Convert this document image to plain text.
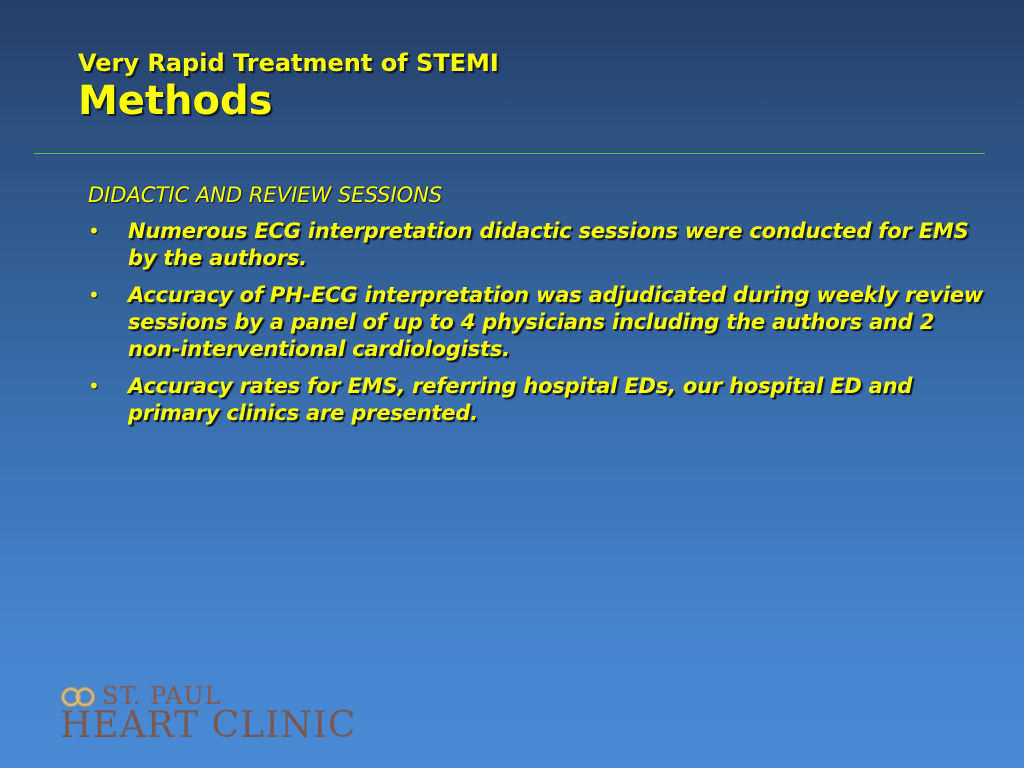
Very Rapid Treatment of STEMI
Methods
DIDACTIC AND REVIEW SESSIONS
•	Numerous ECG interpretation didactic sessions were conducted for EMS by the authors.
•	Accuracy of PH-ECG interpretation was adjudicated during weekly review sessions by a panel of up to 4 physicians including the authors and 2 non-interventional cardiologists.
•	Accuracy rates for EMS, referring hospital EDs, our hospital ED and primary clinics are presented.
ST. PAUL
HEART CLINIC
